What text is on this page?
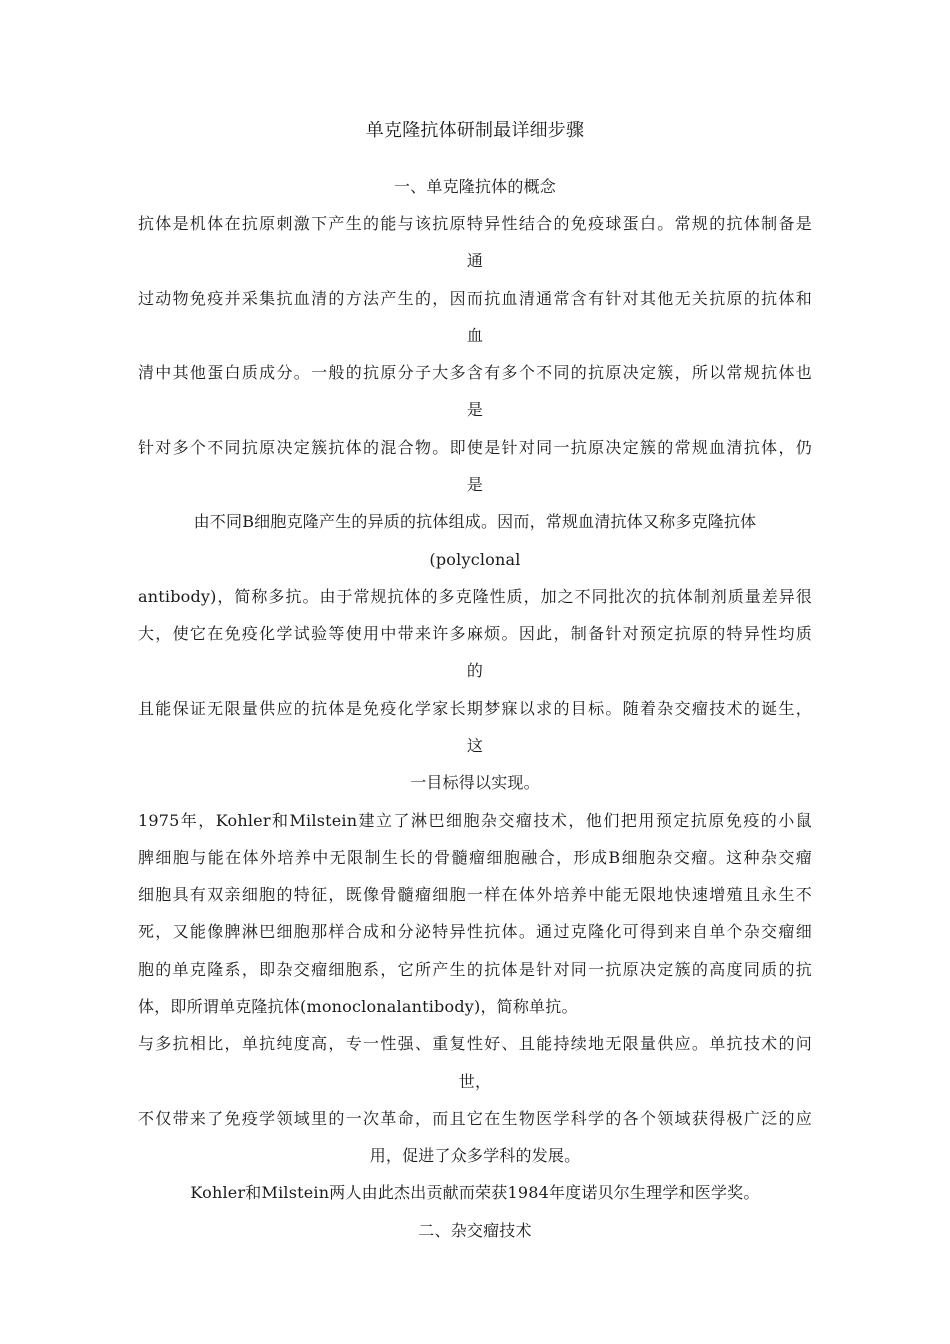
单克隆抗体研制最详细步骤
一、单克隆抗体的概念
抗体是机体在抗原刺激下产生的能与该抗原特异性结合的免疫球蛋白。常规的抗体制备是
通
过动物免疫并采集抗血清的方法产生的，因而抗血清通常含有针对其他无关抗原的抗体和
血
清中其他蛋白质成分。一般的抗原分子大多含有多个不同的抗原决定簇，所以常规抗体也
是
针对多个不同抗原决定簇抗体的混合物。即使是针对同一抗原决定簇的常规血清抗体，仍
是
由不同B细胞克隆产生的异质的抗体组成。因而，常规血清抗体又称多克隆抗体
(polyclonal
antibody)，简称多抗。由于常规抗体的多克隆性质，加之不同批次的抗体制剂质量差异很
大，使它在免疫化学试验等使用中带来许多麻烦。因此，制备针对预定抗原的特异性均质
的
且能保证无限量供应的抗体是免疫化学家长期梦寐以求的目标。随着杂交瘤技术的诞生，
这
一目标得以实现。
1975年，Kohler和Milstein建立了淋巴细胞杂交瘤技术，他们把用预定抗原免疫的小鼠
脾细胞与能在体外培养中无限制生长的骨髓瘤细胞融合，形成B细胞杂交瘤。这种杂交瘤
细胞具有双亲细胞的特征，既像骨髓瘤细胞一样在体外培养中能无限地快速增殖且永生不
死，又能像脾淋巴细胞那样合成和分泌特异性抗体。通过克隆化可得到来自单个杂交瘤细
胞的单克隆系，即杂交瘤细胞系，它所产生的抗体是针对同一抗原决定簇的高度同质的抗
体，即所谓单克隆抗体(monoclonalantibody)，简称单抗。
与多抗相比，单抗纯度高，专一性强、重复性好、且能持续地无限量供应。单抗技术的问
世，
不仅带来了免疫学领域里的一次革命，而且它在生物医学科学的各个领域获得极广泛的应
用，促进了众多学科的发展。
Kohler和Milstein两人由此杰出贡献而荣获1984年度诺贝尔生理学和医学奖。
二、杂交瘤技术
